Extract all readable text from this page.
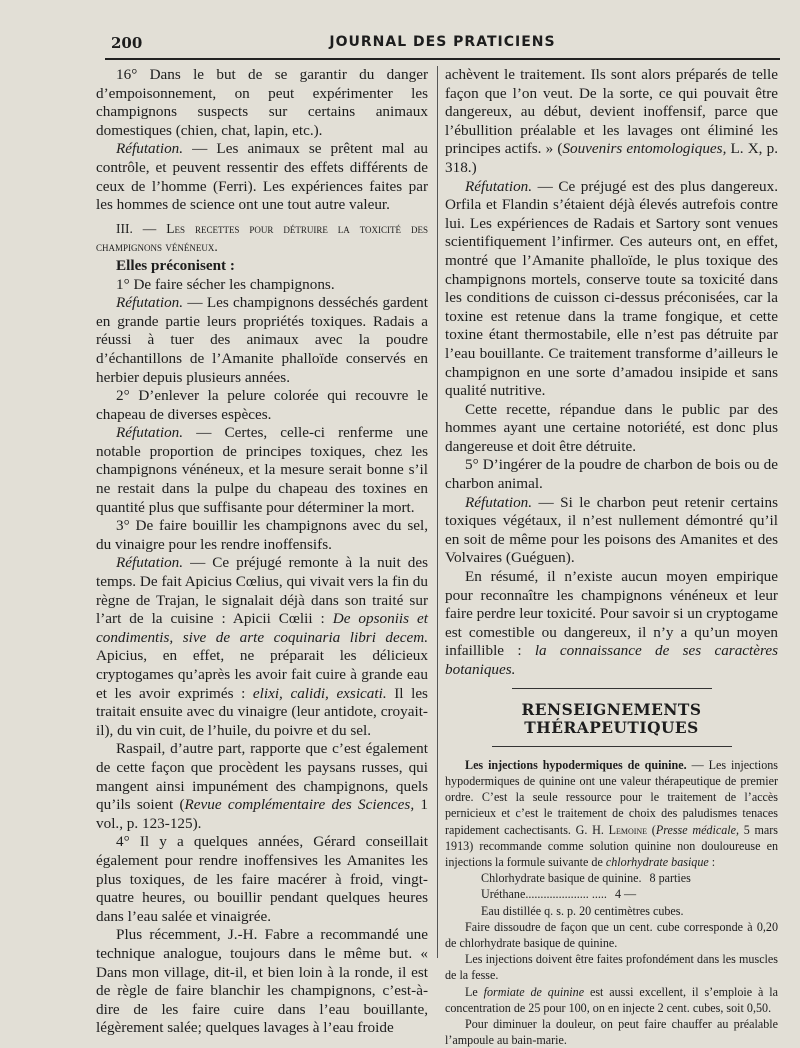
200	JOURNAL DES PRATICIENS

16° Dans le but de se garantir du danger d’empoisonnement, on peut expérimenter les champignons suspects sur certains animaux domestiques (chien, chat, lapin, etc.).

Réfutation. — Les animaux se prêtent mal au contrôle, et peuvent ressentir des effets différents de ceux de l’homme (Ferri). Les expériences faites par les hommes de science ont une tout autre valeur.

III. — Les recettes pour détruire la toxicité des champignons vénéneux.

Elles préconisent :

1° De faire sécher les champignons.

Réfutation. — Les champignons desséchés gardent en grande partie leurs propriétés toxiques. Radais a réussi à tuer des animaux avec la poudre d’échantillons de l’Amanite phalloïde conservés en herbier depuis plusieurs années.

2° D’enlever la pelure colorée qui recouvre le chapeau de diverses espèces.

Réfutation. — Certes, celle-ci renferme une notable proportion de principes toxiques, chez les champignons vénéneux, et la mesure serait bonne s’il ne restait dans la pulpe du chapeau des toxines en quantité plus que suffisante pour déterminer la mort.

3° De faire bouillir les champignons avec du sel, du vinaigre pour les rendre inoffensifs.

Réfutation. — Ce préjugé remonte à la nuit des temps. De fait Apicius Cœlius, qui vivait vers la fin du règne de Trajan, le signalait déjà dans son traité sur l’art de la cuisine : Apicii Cœlii : De opsoniis et condimentis, sive de arte coquinaria libri decem. Apicius, en effet, ne préparait les délicieux cryptogames qu’après les avoir fait cuire à grande eau et les avoir exprimés : elixi, calidi, exsicati. Il les traitait ensuite avec du vinaigre (leur antidote, croyait-il), du vin cuit, de l’huile, du poivre et du sel.

Raspail, d’autre part, rapporte que c’est également de cette façon que procèdent les paysans russes, qui mangent ainsi impunément des champignons, quels qu’ils soient (Revue complémentaire des Sciences, 1 vol., p. 123-125).

4° Il y a quelques années, Gérard conseillait également pour rendre inoffensives les Amanites les plus toxiques, de les faire macérer à froid, vingt-quatre heures, ou bouillir pendant quelques heures dans l’eau salée et vinaigrée.

Plus récemment, J.-H. Fabre a recommandé une technique analogue, toujours dans le même but. « Dans mon village, dit-il, et bien loin à la ronde, il est de règle de faire blanchir les champignons, c’est-à-dire de les faire cuire dans l’eau bouillante, légèrement salée; quelques lavages à l’eau froide

achèvent le traitement. Ils sont alors préparés de telle façon que l’on veut. De la sorte, ce qui pouvait être dangereux, au début, devient inoffensif, parce que l’ébullition préalable et les lavages ont éliminé les principes actifs. » (Souvenirs entomologiques, L. X, p. 318.)

Réfutation. — Ce préjugé est des plus dangereux. Orfila et Flandin s’étaient déjà élevés autrefois contre lui. Les expériences de Radais et Sartory sont venues scientifiquement l’infirmer. Ces auteurs ont, en effet, montré que l’Amanite phalloïde, le plus toxique des champignons mortels, conserve toute sa toxicité dans les conditions de cuisson ci-dessus préconisées, car la toxine est retenue dans la trame fongique, et cette toxine étant thermostabile, elle n’est pas détruite par l’eau bouillante. Ce traitement transforme d’ailleurs le champignon en une sorte d’amadou insipide et sans qualité nutritive.

Cette recette, répandue dans le public par des hommes ayant une certaine notoriété, est donc plus dangereuse et doit être détruite.

5° D’ingérer de la poudre de charbon de bois ou de charbon animal.

Réfutation. — Si le charbon peut retenir certains toxiques végétaux, il n’est nullement démontré qu’il en soit de même pour les poisons des Amanites et des Volvaires (Guéguen).

En résumé, il n’existe aucun moyen empirique pour reconnaître les champignons vénéneux et leur faire perdre leur toxicité. Pour savoir si un cryptogame est comestible ou dangereux, il n’y a qu’un moyen infaillible : la connaissance de ses caractères botaniques.

RENSEIGNEMENTS THÉRAPEUTIQUES

Les injections hypodermiques de quinine. — Les injections hypodermiques de quinine ont une valeur thérapeutique de premier ordre. C’est la seule ressource pour le traitement de l’accès pernicieux et c’est le traitement de choix des paludismes tenaces rapidement cachectisants. G. H. Lemoine (Presse médicale, 5 mars 1913) recommande comme solution quinine non douloureuse en injections la formule suivante de chlorhydrate basique :

Chlorhydrate basique de quinine. 8 parties
Uréthane..................... ..... 4 —
Eau distillée q. s. p. 20 centimètres cubes.

Faire dissoudre de façon que un cent. cube corresponde à 0,20 de chlorhydrate basique de quinine.

Les injections doivent être faites profondément dans les muscles de la fesse.

Le formiate de quinine est aussi excellent, il s’emploie à la concentration de 25 pour 100, on en injecte 2 cent. cubes, soit 0,50.

Pour diminuer la douleur, on peut faire chauffer au préalable l’ampoule au bain-marie.
